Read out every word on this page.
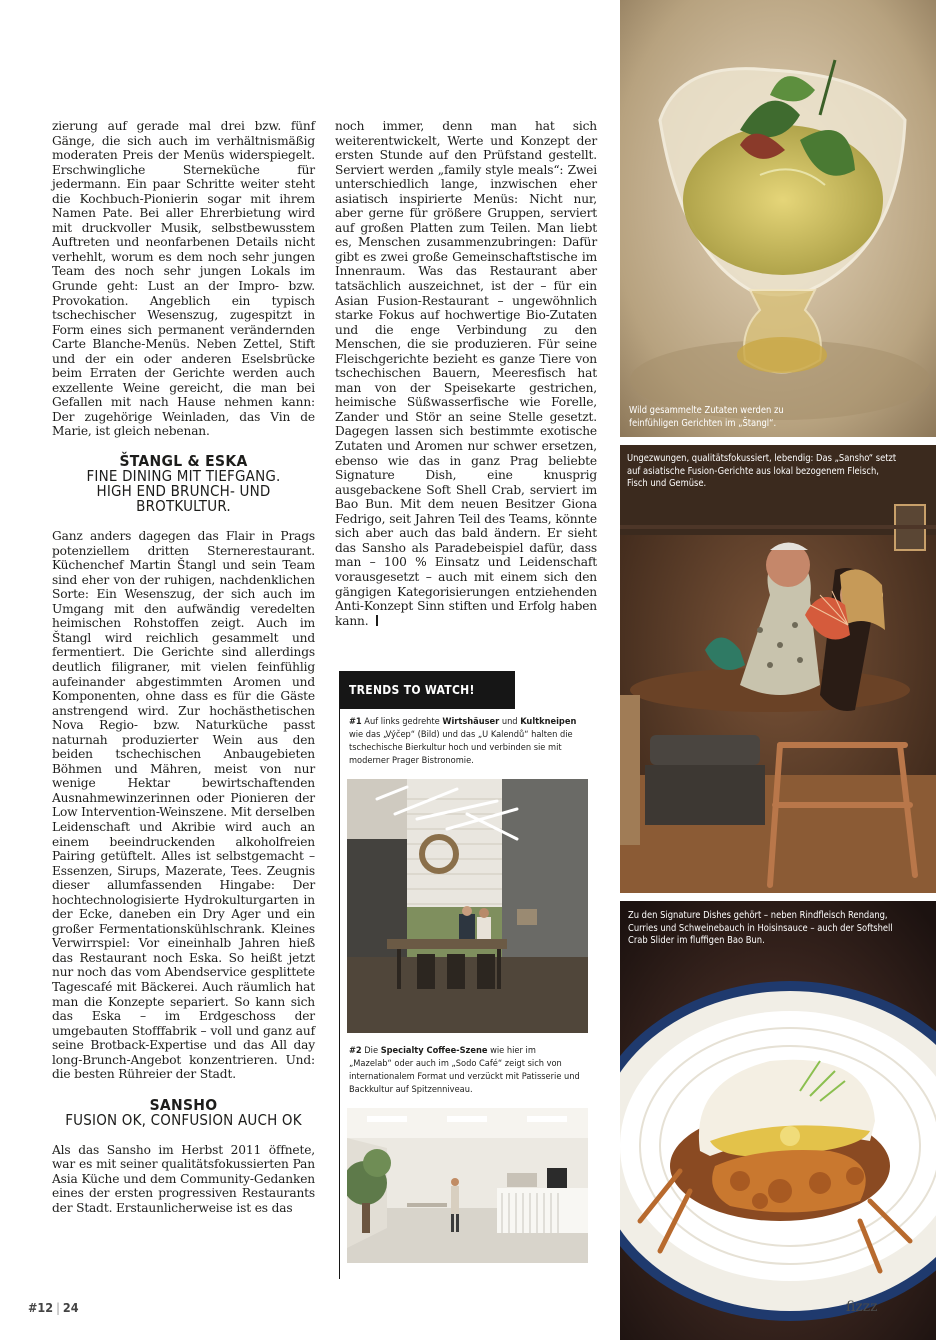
zierung auf gerade mal drei bzw. fünf Gänge, die sich auch im verhältnismäßig moderaten Preis der Menüs widerspiegelt. Erschwingliche Sterneküche für jedermann. Ein paar Schritte weiter steht die Kochbuch-Pionierin sogar mit ihrem Namen Pate. Bei aller Ehrerbietung wird mit druckvoller Musik, selbstbewusstem Auftreten und neonfarbenen Details nicht verhehlt, worum es dem noch sehr jungen Team des noch sehr jungen Lokals im Grunde geht: Lust an der Impro- bzw. Provokation. Angeblich ein typisch tschechischer Wesenszug, zugespitzt in Form eines sich permanent verändernden Carte Blanche-Menüs. Neben Zettel, Stift und der ein oder anderen Eselsbrücke beim Erraten der Gerichte werden auch exzellente Weine gereicht, die man bei Gefallen mit nach Hause nehmen kann: Der zugehörige Weinladen, das Vin de Marie, ist gleich nebenan.

ŠTANGL & ESKA
FINE DINING MIT TIEFGANG. HIGH END BRUNCH- UND BROTKULTUR.

Ganz anders dagegen das Flair in Prags potenziellem dritten Sternerestaurant. Küchenchef Martin Štangl und sein Team sind eher von der ruhigen, nachdenklichen Sorte: Ein Wesenszug, der sich auch im Umgang mit den aufwändig veredelten heimischen Rohstoffen zeigt. Auch im Štangl wird reichlich gesammelt und fermentiert. Die Gerichte sind allerdings deutlich filigraner, mit vielen feinfühlig aufeinander abgestimmten Aromen und Komponenten, ohne dass es für die Gäste anstrengend wird. Zur hochästhetischen Nova Regio- bzw. Naturküche passt naturnah produzierter Wein aus den beiden tschechischen Anbaugebieten Böhmen und Mähren, meist von nur wenige Hektar bewirtschaftenden Ausnahmewinzerinnen oder Pionieren der Low Intervention-Weinszene. Mit derselben Leidenschaft und Akribie wird auch an einem beeindruckenden alkoholfreien Pairing getüftelt. Alles ist selbstgemacht – Essenzen, Sirups, Mazerate, Tees. Zeugnis dieser allumfassenden Hingabe: Der hochtechnologisierte Hydrokulturgarten in der Ecke, daneben ein Dry Ager und ein großer Fermentationskühlschrank. Kleines Verwirrspiel: Vor eineinhalb Jahren hieß das Restaurant noch Eska. So heißt jetzt nur noch das vom Abendservice gesplittete Tagescafé mit Bäckerei. Auch räumlich hat man die Konzepte separiert. So kann sich das Eska – im Erdgeschoss der umgebauten Stofffabrik – voll und ganz auf seine Brotback-Expertise und das All day long-Brunch-Angebot konzentrieren. Und: die besten Rühreier der Stadt.

SANSHO
FUSION OK, CONFUSION AUCH OK

Als das Sansho im Herbst 2011 öffnete, war es mit seiner qualitätsfokussierten Pan Asia Küche und dem Community-Gedanken eines der ersten progressiven Restaurants der Stadt. Erstaunlicherweise ist es das

noch immer, denn man hat sich weiterentwickelt, Werte und Konzept der ersten Stunde auf den Prüfstand gestellt. Serviert werden „family style meals“: Zwei unterschiedlich lange, inzwischen eher asiatisch inspirierte Menüs: Nicht nur, aber gerne für größere Gruppen, serviert auf großen Platten zum Teilen. Man liebt es, Menschen zusammenzubringen: Dafür gibt es zwei große Gemeinschaftstische im Innenraum. Was das Restaurant aber tatsächlich auszeichnet, ist der – für ein Asian Fusion-Restaurant – ungewöhnlich starke Fokus auf hochwertige Bio-Zutaten und die enge Verbindung zu den Menschen, die sie produzieren. Für seine Fleischgerichte bezieht es ganze Tiere von tschechischen Bauern, Meeresfisch hat man von der Speisekarte gestrichen, heimische Süßwasserfische wie Forelle, Zander und Stör an seine Stelle gesetzt. Dagegen lassen sich bestimmte exotische Zutaten und Aromen nur schwer ersetzen, ebenso wie das in ganz Prag beliebte Signature Dish, eine knusprig ausgebackene Soft Shell Crab, serviert im Bao Bun. Mit dem neuen Besitzer Giona Fedrigo, seit Jahren Teil des Teams, könnte sich aber auch das bald ändern. Er sieht das Sansho als Paradebeispiel dafür, dass man – 100 % Einsatz und Leidenschaft vorausgesetzt – auch mit einem sich den gängigen Kategorisierungen entziehenden Anti-Konzept Sinn stiften und Erfolg haben kann.

TRENDS TO WATCH!
#1 Auf links gedrehte Wirtshäuser und Kultkneipen wie das „Výčep“ (Bild) und das „U Kalendů“ halten die tschechische Bierkultur hoch und verbinden sie mit moderner Prager Bistronomie.
#2 Die Specialty Coffee-Szene wie hier im „Mazelab“ oder auch im „Sodo Café“ zeigt sich von internationalem Format und verzückt mit Patisserie und Backkultur auf Spitzenniveau.
Wild gesammelte Zutaten werden zu feinfühligen Gerichten im „Štangl“.
Ungezwungen, qualitätsfokussiert, lebendig: Das „Sansho“ setzt auf asiatische Fusion-Gerichte aus lokal bezogenem Fleisch, Fisch und Gemüse.
Zu den Signature Dishes gehört – neben Rindfleisch Rendang, Curries und Schweinebauch in Hoisinsauce – auch der Softshell Crab Slider im fluffigen Bao Bun.
#12 | 24	fizzz
